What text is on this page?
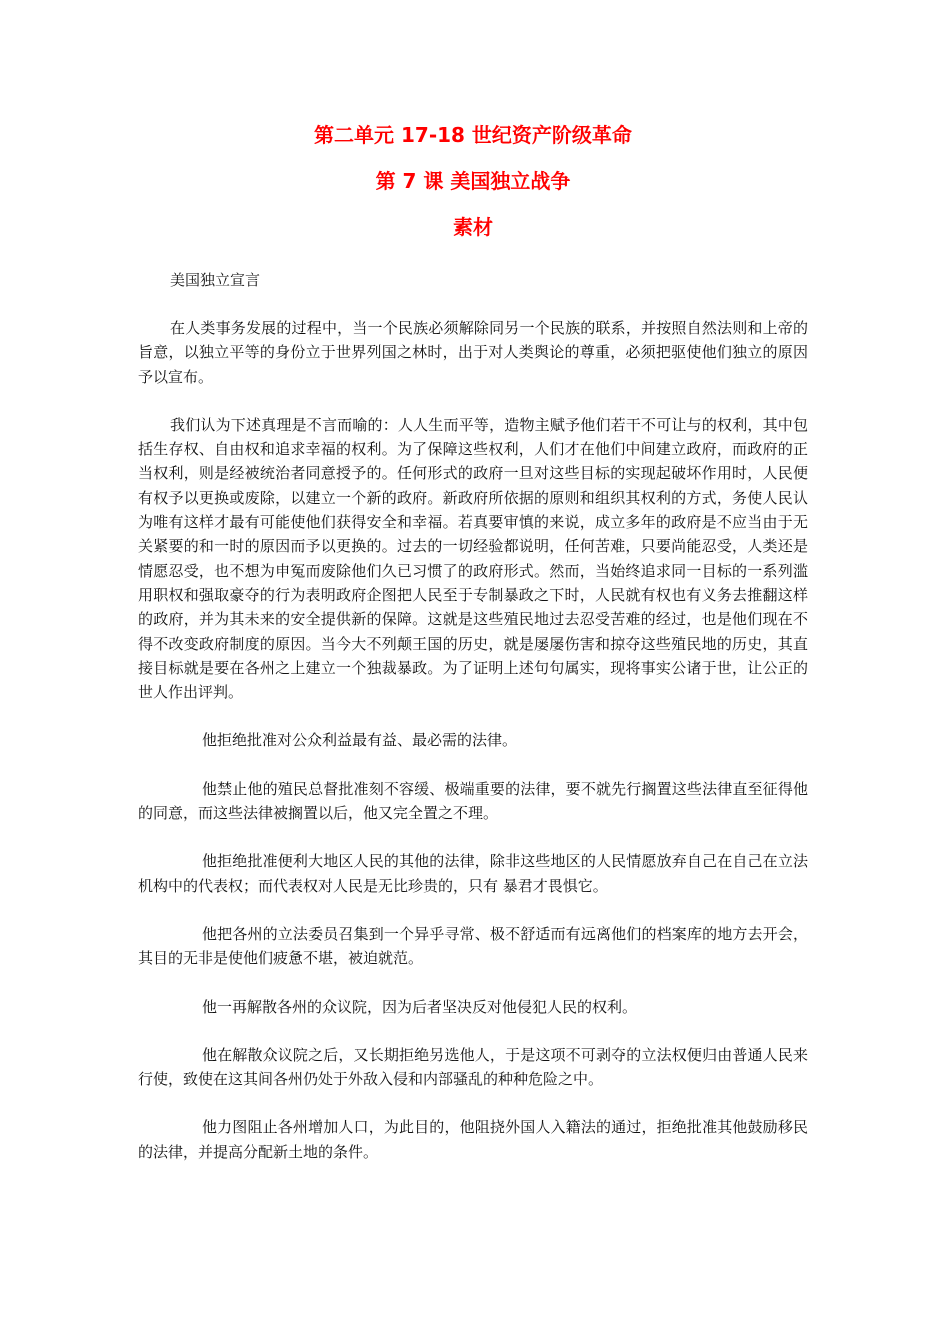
第二单元 17-18 世纪资产阶级革命
第 7 课 美国独立战争
素材

美国独立宣言

在人类事务发展的过程中，当一个民族必须解除同另一个民族的联系，并按照自然法则和上帝的旨意，以独立平等的身份立于世界列国之林时，出于对人类舆论的尊重，必须把驱使他们独立的原因予以宣布。

我们认为下述真理是不言而喻的：人人生而平等，造物主赋予他们若干不可让与的权利，其中包括生存权、自由权和追求幸福的权利。为了保障这些权利，人们才在他们中间建立政府，而政府的正当权利，则是经被统治者同意授予的。任何形式的政府一旦对这些目标的实现起破坏作用时，人民便有权予以更换或废除，以建立一个新的政府。新政府所依据的原则和组织其权利的方式，务使人民认为唯有这样才最有可能使他们获得安全和幸福。若真要审慎的来说，成立多年的政府是不应当由于无关紧要的和一时的原因而予以更换的。过去的一切经验都说明，任何苦难，只要尚能忍受，人类还是情愿忍受，也不想为申冤而废除他们久已习惯了的政府形式。然而，当始终追求同一目标的一系列滥用职权和强取豪夺的行为表明政府企图把人民至于专制暴政之下时，人民就有权也有义务去推翻这样的政府，并为其未来的安全提供新的保障。这就是这些殖民地过去忍受苦难的经过，也是他们现在不得不改变政府制度的原因。当今大不列颠王国的历史，就是屡屡伤害和掠夺这些殖民地的历史，其直接目标就是要在各州之上建立一个独裁暴政。为了证明上述句句属实，现将事实公诸于世，让公正的世人作出评判。

他拒绝批准对公众利益最有益、最必需的法律。

他禁止他的殖民总督批准刻不容缓、极端重要的法律，要不就先行搁置这些法律直至征得他的同意，而这些法律被搁置以后，他又完全置之不理。

他拒绝批准便利大地区人民的其他的法律，除非这些地区的人民情愿放弃自己在自己在立法机构中的代表权；而代表权对人民是无比珍贵的，只有 暴君才畏惧它。

他把各州的立法委员召集到一个异乎寻常、极不舒适而有远离他们的档案库的地方去开会，其目的无非是使他们疲惫不堪，被迫就范。

他一再解散各州的众议院，因为后者坚决反对他侵犯人民的权利。

他在解散众议院之后，又长期拒绝另选他人，于是这项不可剥夺的立法权便归由普通人民来行使，致使在这其间各州仍处于外敌入侵和内部骚乱的种种危险之中。

他力图阻止各州增加人口，为此目的，他阻挠外国人入籍法的通过，拒绝批准其他鼓励移民的法律，并提高分配新土地的条件。
